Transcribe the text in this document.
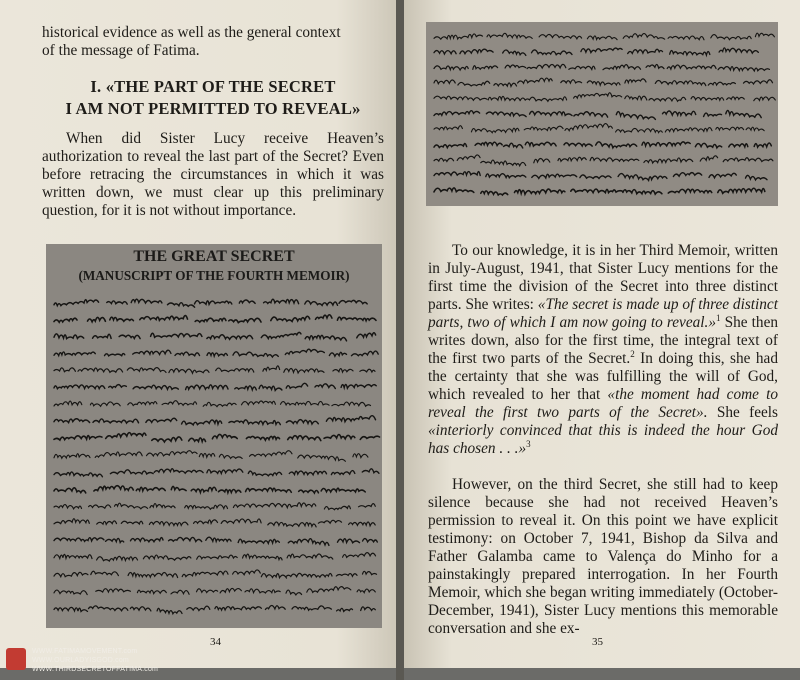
historical evidence as well as the general context

of the message of Fatima.

I. «THE PART OF THE SECRET
I AM NOT PERMITTED TO REVEAL»

When did Sister Lucy receive Heaven’s authorization to reveal the last part of the Secret? Even before retracing the circumstances in which it was written down, we must clear up this preliminary question, for it is not without importance.

THE GREAT SECRET
(MANUSCRIPT OF THE FOURTH MEMOIR)
34

To our knowledge, it is in her Third Memoir, written in July-August, 1941, that Sister Lucy mentions for the first time the division of the Secret into three distinct parts. She writes: «The secret is made up of three distinct parts, two of which I am now going to reveal.»$^1$ She then writes down, also for the first time, the integral text of the first two parts of the Secret.$^2$ In doing this, she had the certainty that she was fulfilling the will of God, which revealed to her that «the moment had come to reveal the first two parts of the Secret». She feels «interiorly convinced that this is indeed the hour God has chosen . . .»$^3$

However, on the third Secret, she still had to keep silence because she had not received Heaven’s permission to reveal it. On this point we have explicit testimony: on October 7, 1941, Bishop da Silva and Father Galamba came to Valença do Minho for a painstakingly prepared interrogation. In her Fourth Memoir, which she began writing immediately (October-December, 1941), Sister Lucy mentions this memorable conversation and she ex-

35
WWW.FATIMAMOVEMENT.com
WWW.OURLADYISGOD.com
WWW.THIRDSECRETOFFATIMA.com
